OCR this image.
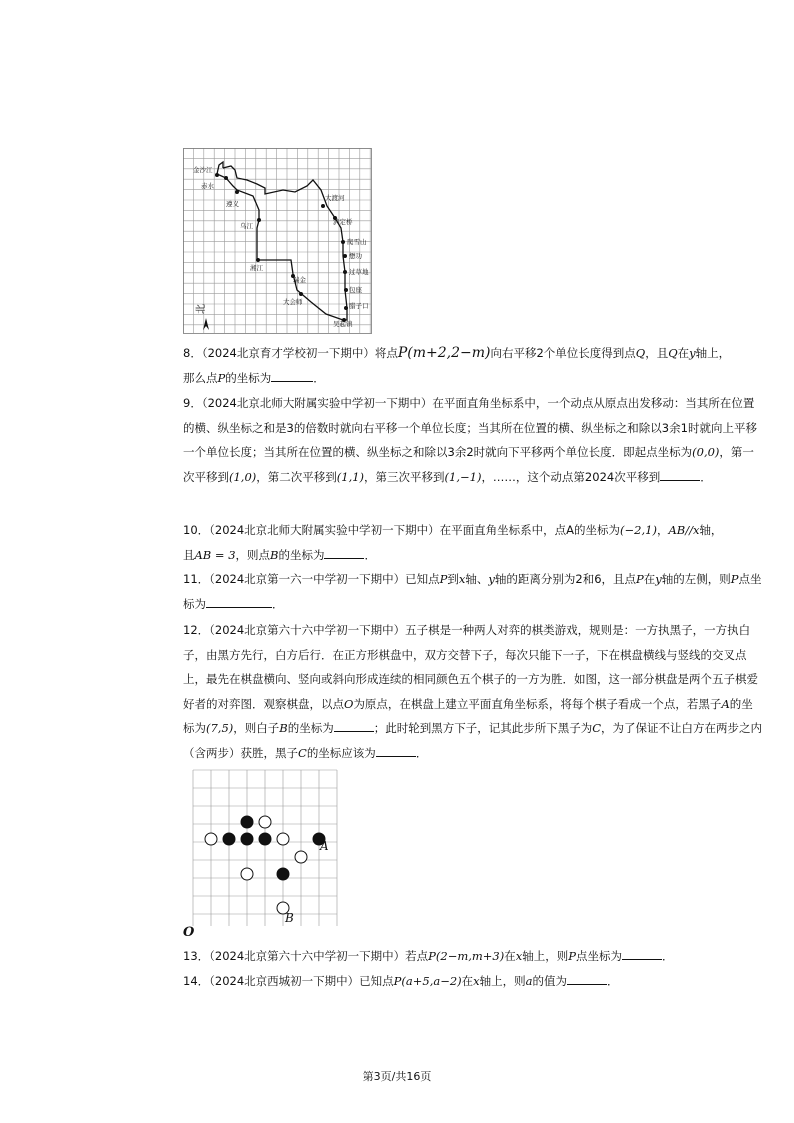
金沙江
赤水
遵义
乌江
湘江
瑞金
大会师
大渡河
泸定桥
爬雪山
懋功
过草地
包座
腊子口
吴起镇
北

8．（2024北京育才学校初一下期中）将点P(m+2,2−m)向右平移2个单位长度得到点Q，且Q在y轴上，

那么点P的坐标为	．

9．（2024北京北师大附属实验中学初一下期中）在平面直角坐标系中，一个动点从原点出发移动：当其所在位置的横、纵坐标之和是3的倍数时就向右平移一个单位长度；当其所在位置的横、纵坐标之和除以3余1时就向上平移一个单位长度；当其所在位置的横、纵坐标之和除以3余2时就向下平移两个单位长度．即起点坐标为(0,0)，第一次平移到(1,0)，第二次平移到(1,1)，第三次平移到(1,−1)，……，这个动点第2024次平移到	．

10．（2024北京北师大附属实验中学初一下期中）在平面直角坐标系中，点A的坐标为(−2,1)，AB//x轴，

且AB = 3，则点B的坐标为	．

11．（2024北京第一六一中学初一下期中）已知点P到x轴、y轴的距离分别为2和6，且点P在y轴的左侧，则P点坐标为	．

12．（2024北京第六十六中学初一下期中）五子棋是一种两人对弈的棋类游戏，规则是：一方执黑子，一方执白子，由黑方先行，白方后行．在正方形棋盘中，双方交替下子，每次只能下一子，下在棋盘横线与竖线的交叉点上，最先在棋盘横向、竖向或斜向形成连续的相同颜色五个棋子的一方为胜．如图，这一部分棋盘是两个五子棋爱好者的对弈图．观察棋盘，以点O为原点，在棋盘上建立平面直角坐标系，将每个棋子看成一个点，若黑子A的坐标为(7,5)，则白子B的坐标为	；此时轮到黑方下子，记其此步所下黑子为C，为了保证不让白方在两步之内（含两步）获胜，黑子C的坐标应该为	．

O
A
B

13．（2024北京第六十六中学初一下期中）若点P(2−m,m+3)在x轴上，则P点坐标为	．

14．（2024北京西城初一下期中）已知点P(a+5,a−2)在x轴上，则a的值为	．

第3页/共16页
